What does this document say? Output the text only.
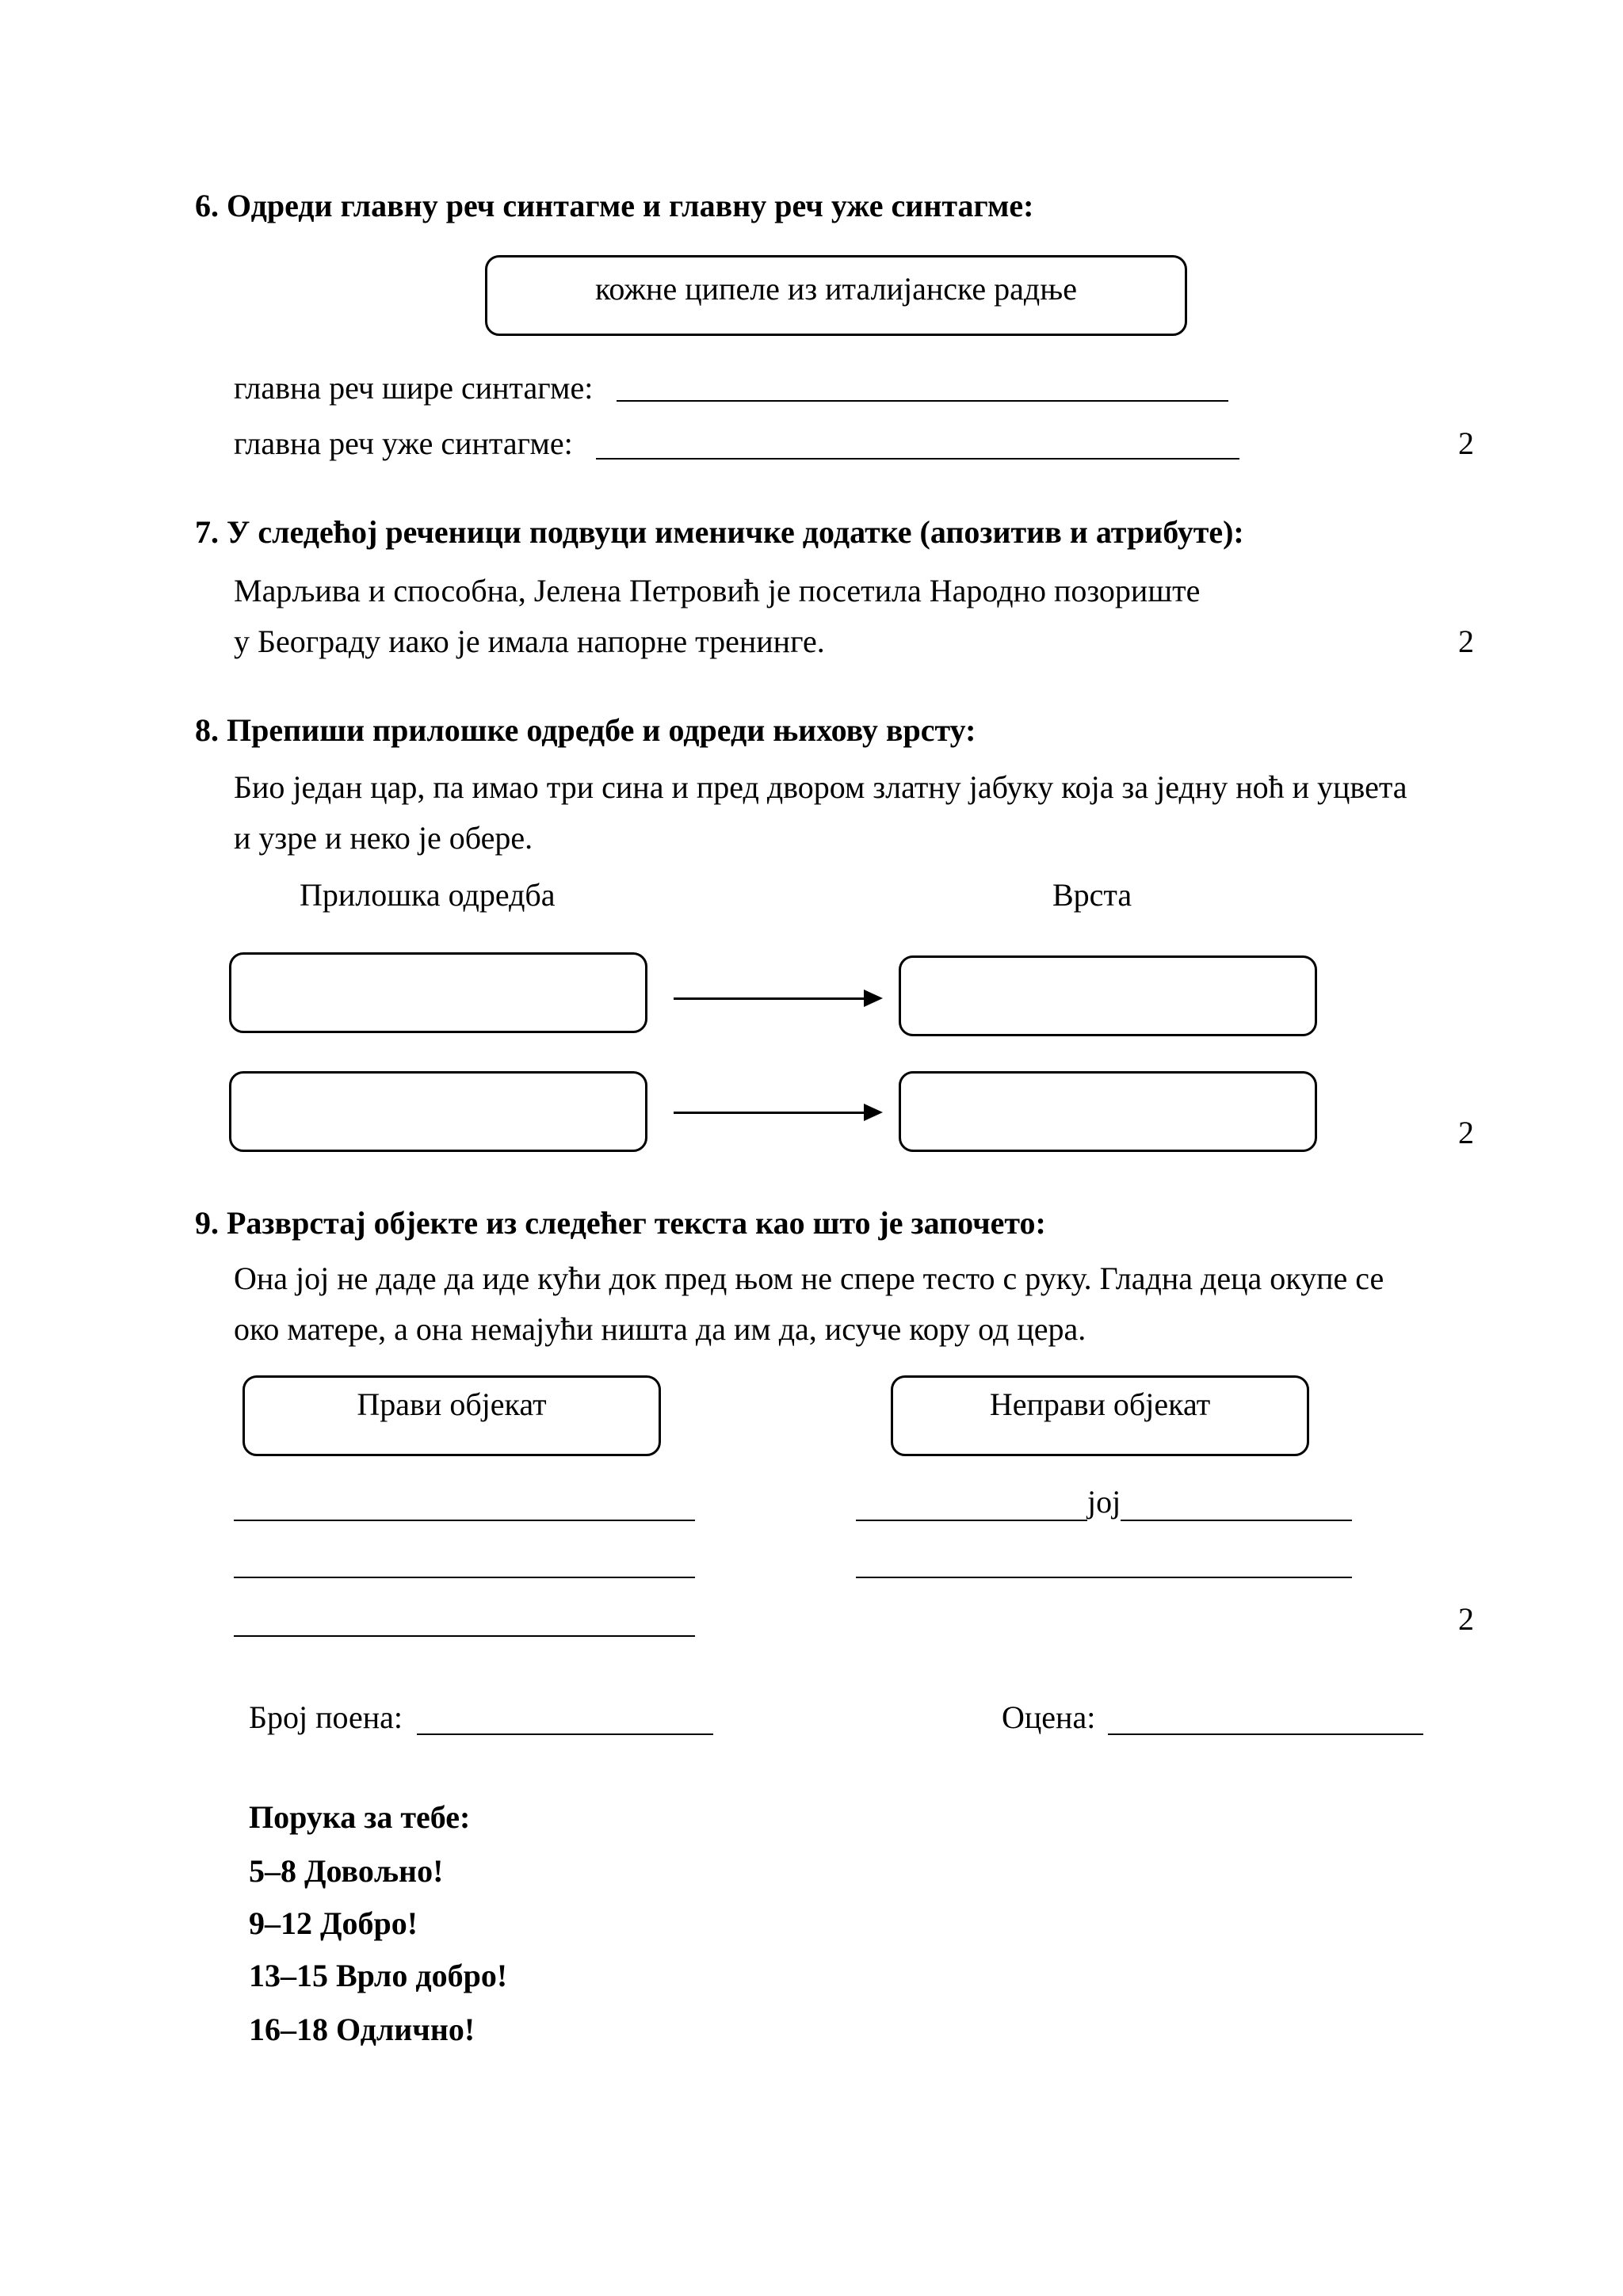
6. Одреди главну реч синтагме и главну реч уже синтагме:
кожне ципеле из италијанске радње
главна реч шире синтагме:
главна реч уже синтагме:	2
7. У следећој реченици подвуци именичке додатке (апозитив и атрибуте):
Марљива и способна, Јелена Петровић је посетила Народно позориште
у Београду иако је имала напорне тренинге.	2
8. Препиши прилошке одредбе и одреди њихову врсту:
Био један цар, па имао три сина и пред двором златну јабуку која за једну ноћ и уцвета
и узре и неко је обере.
Прилошка одредба	Врста
2
9. Разврстај објекте из следећег текста као што је започето:
Она јој не даде да иде кући док пред њом не спере тесто с руку. Гладна деца окупе се
око матере, а она немајући ништа да им да, исуче кору од цера.
Прави објекат	Неправи објекат
јој
2
Број поена:	Оцена:
Порука за тебе:
5–8 Довољно!
9–12 Добро!
13–15 Врло добро!
16–18 Одлично!
